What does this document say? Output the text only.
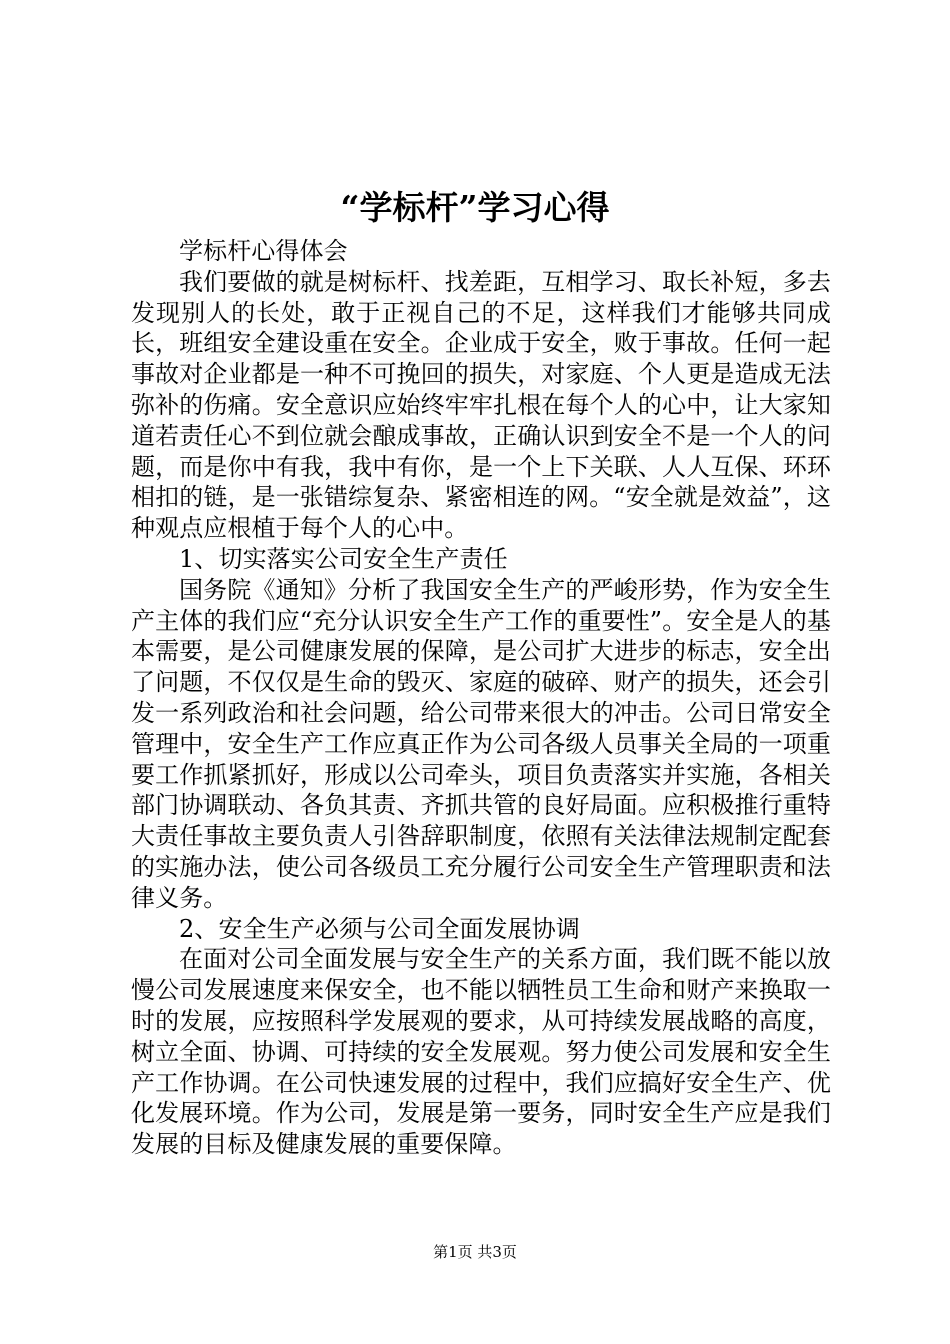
“学标杆”学习心得

学标杆心得体会

我们要做的就是树标杆、找差距，互相学习、取长补短，多去发现别人的长处，敢于正视自己的不足，这样我们才能够共同成长，班组安全建设重在安全。企业成于安全，败于事故。任何一起事故对企业都是一种不可挽回的损失，对家庭、个人更是造成无法弥补的伤痛。安全意识应始终牢牢扎根在每个人的心中，让大家知道若责任心不到位就会酿成事故，正确认识到安全不是一个人的问题，而是你中有我，我中有你，是一个上下关联、人人互保、环环相扣的链，是一张错综复杂、紧密相连的网。“安全就是效益”，这种观点应根植于每个人的心中。

1、切实落实公司安全生产责任

国务院《通知》分析了我国安全生产的严峻形势，作为安全生产主体的我们应“充分认识安全生产工作的重要性”。安全是人的基本需要，是公司健康发展的保障，是公司扩大进步的标志，安全出了问题，不仅仅是生命的毁灭、家庭的破碎、财产的损失，还会引发一系列政治和社会问题，给公司带来很大的冲击。公司日常安全管理中，安全生产工作应真正作为公司各级人员事关全局的一项重要工作抓紧抓好，形成以公司牵头，项目负责落实并实施，各相关部门协调联动、各负其责、齐抓共管的良好局面。应积极推行重特大责任事故主要负责人引咎辞职制度，依照有关法律法规制定配套的实施办法，使公司各级员工充分履行公司安全生产管理职责和法律义务。

2、安全生产必须与公司全面发展协调

在面对公司全面发展与安全生产的关系方面，我们既不能以放慢公司发展速度来保安全，也不能以牺牲员工生命和财产来换取一时的发展，应按照科学发展观的要求，从可持续发展战略的高度，树立全面、协调、可持续的安全发展观。努力使公司发展和安全生产工作协调。在公司快速发展的过程中，我们应搞好安全生产、优化发展环境。作为公司，发展是第一要务，同时安全生产应是我们发展的目标及健康发展的重要保障。

第1页 共3页
